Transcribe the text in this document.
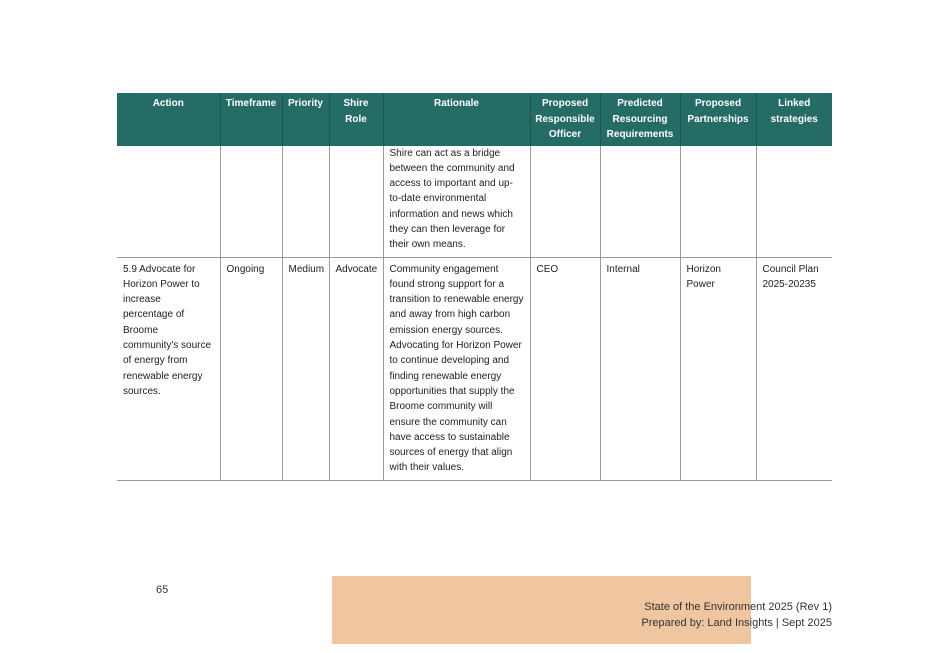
Action	Timeframe	Priority	Shire Role	Rationale	Proposed Responsible Officer	Predicted Resourcing Requirements	Proposed Partnerships	Linked strategies
				Shire can act as a bridge between the community and access to important and up-to-date environmental information and news which they can then leverage for their own means.				
5.9 Advocate for Horizon Power to increase percentage of Broome community's source of energy from renewable energy sources.	Ongoing	Medium	Advocate	Community engagement found strong support for a transition to renewable energy and away from high carbon emission energy sources. Advocating for Horizon Power to continue developing and finding renewable energy opportunities that supply the Broome community will ensure the community can have access to sustainable sources of energy that align with their values.	CEO	Internal	Horizon Power	Council Plan 2025-20235
65
State of the Environment 2025 (Rev 1)
Prepared by: Land Insights | Sept 2025
